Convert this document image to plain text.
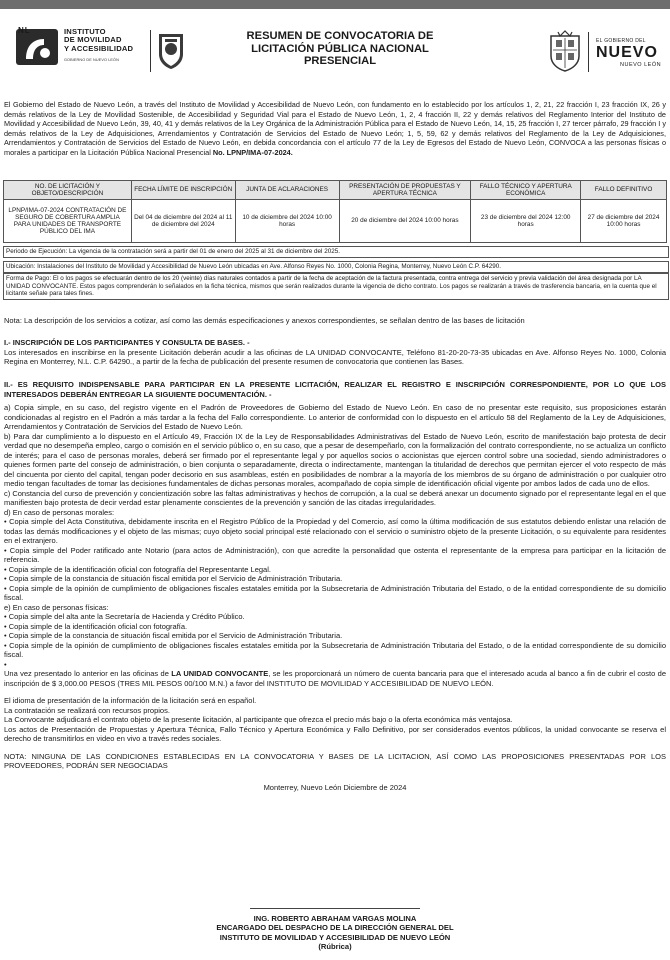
NL	INSTITUTO
DE MOVILIDAD
Y ACCESIBILIDAD
GOBIERNO DE NUEVO LEÓN
RESUMEN DE CONVOCATORIA DE
LICITACIÓN PÚBLICA NACIONAL
PRESENCIAL
EL GOBIERNO DEL
NUEVO
NUEVO LEÓN
El Gobierno del Estado de Nuevo León, a través del Instituto de Movilidad y Accesibilidad de Nuevo León, con fundamento en lo establecido por los artículos 1, 2, 21, 22 fracción I, 23 fracción IX, 26 y demás relativos de la Ley de Movilidad Sostenible, de Accesibilidad y Seguridad Vial para el Estado de Nuevo León, 1, 2, 4 fracción II, 22 y demás relativos del Reglamento Interior del Instituto de Movilidad y Accesibilidad de Nuevo León, 39, 40, 41 y demás relativos de la Ley Orgánica de la Administración Pública para el Estado de Nuevo León, 14, 15, 25 fracción I, 27 tercer párrafo, 29 fracción I y demás relativos de la Ley de Adquisiciones, Arrendamientos y Contratación de Servicios del Estado de Nuevo León; 1, 5, 59, 62 y demás relativos del Reglamento de la Ley de Adquisiciones, Arrendamientos y Contratación de Servicios del Estado de Nuevo León, en debida concordancia con el artículo 77 de la Ley de Egresos del Estado de Nuevo León, CONVOCA a las personas físicas o morales a participar en la Licitación Pública Nacional Presencial No. LPNP/IMA-07-2024.
NO. DE LICITACIÓN Y OBJETO/DESCRIPCIÓN	FECHA LÍMITE DE INSCRIPCIÓN	JUNTA DE ACLARACIONES	PRESENTACIÓN DE PROPUESTAS Y APERTURA TÉCNICA	FALLO TÉCNICO Y APERTURA ECONÓMICA	FALLO DEFINITIVO
LPNP/IMA-07-2024 CONTRATACIÓN DE SEGURO DE COBERTURA AMPLIA PARA UNIDADES DE TRANSPORTE PÚBLICO DEL IMA	Del 04 de diciembre del 2024 al 11 de diciembre del 2024	10 de diciembre del 2024 10:00 horas	20 de diciembre del 2024 10:00 horas	23 de diciembre del 2024 12:00 horas	27 de diciembre del 2024 10:00 horas
Periodo de Ejecución: La vigencia de la contratación será a partir del 01 de enero del 2025 al 31 de diciembre del 2025.
Ubicación: Instalaciones del Instituto de Movilidad y Accesibilidad de Nuevo León ubicadas en Ave. Alfonso Reyes No. 1000, Colonia Regina, Monterrey, Nuevo León C.P. 64290.
Forma de Pago: El o los pagos se efectuarán dentro de los 20 (veinte) días naturales contados a partir de la fecha de aceptación de la factura presentada, contra entrega del servicio y previa validación del área designada por LA UNIDAD CONVOCANTE. Estos pagos comprenderán lo señalados en la ficha técnica, mismos que serán realizados durante la vigencia de dicho contrato. Los pagos se realizarán a través de trasferencia bancaria, en la cuenta que el licitante señale para tales fines.
Nota: La descripción de los servicios a cotizar, así como las demás especificaciones y anexos correspondientes, se señalan dentro de las bases de licitación
I.- INSCRIPCIÓN DE LOS PARTICIPANTES Y CONSULTA DE BASES. -
Los interesados en inscribirse en la presente Licitación deberán acudir a las oficinas de LA UNIDAD CONVOCANTE, Teléfono 81-20-20-73-35 ubicadas en Ave. Alfonso Reyes No. 1000, Colonia Regina en Monterrey, N.L. C.P. 64290., a partir de la fecha de publicación del presente resumen de convocatoria que contienen las Bases.
II.- ES REQUISITO INDISPENSABLE PARA PARTICIPAR EN LA PRESENTE LICITACIÓN, REALIZAR EL REGISTRO E INSCRIPCIÓN CORRESPONDIENTE, POR LO QUE LOS INTERESADOS DEBERÁN ENTREGAR LA SIGUIENTE DOCUMENTACIÓN. -
a) Copia simple, en su caso, del registro vigente en el Padrón de Proveedores de Gobierno del Estado de Nuevo León. En caso de no presentar este requisito, sus proposiciones estarán condicionadas al registro en el Padrón a más tardar a la fecha del Fallo correspondiente. Lo anterior de conformidad con lo dispuesto en el artículo 58 del Reglamento de la Ley de Adquisiciones, Arrendamientos y Contratación de Servicios del Estado de Nuevo León.
b) Para dar cumplimiento a lo dispuesto en el Artículo 49, Fracción IX de la Ley de Responsabilidades Administrativas del Estado de Nuevo León, escrito de manifestación bajo protesta de decir verdad que no desempeña empleo, cargo o comisión en el servicio público o, en su caso, que a pesar de desempeñarlo, con la formalización del contrato correspondiente, no se actualiza un conflicto de interés; para el caso de personas morales, deberá ser firmado por el representante legal y por aquellos socios o accionistas que ejercen control sobre una sociedad, siendo administradores o quienes formen parte del consejo de administración, o bien conjunta o separadamente, directa o indirectamente, mantengan la titularidad de derechos que permitan ejercer el voto respecto de más del cincuenta por ciento del capital, tengan poder decisorio en sus asambleas, estén en posibilidades de nombrar a la mayoría de los miembros de su órgano de administración o por cualquier otro medio tengan facultades de tomar las decisiones fundamentales de dichas personas morales, acompañado de copia simple de identificación oficial vigente por ambos lados de cada uno de ellos.
c) Constancia del curso de prevención y concientización sobre las faltas administrativas y hechos de corrupción, a la cual se deberá anexar un documento signado por el representante legal en el que manifiesten bajo protesta de decir verdad estar plenamente conscientes de la prevención y sanción de las citadas irregularidades.
d) En caso de personas morales:
• Copia simple del Acta Constitutiva, debidamente inscrita en el Registro Público de la Propiedad y del Comercio, así como la última modificación de sus estatutos debiendo enlistar una relación de todas las demás modificaciones y el objeto de las mismas; cuyo objeto social principal esté relacionado con el servicio o suministro objeto de la presente Licitación, o su equivalente para residentes en el extranjero.
• Copia simple del Poder ratificado ante Notario (para actos de Administración), con que acredite la personalidad que ostenta el representante de la empresa para participar en la licitación de referencia.
• Copia simple de la identificación oficial con fotografía del Representante Legal.
• Copia simple de la constancia de situación fiscal emitida por el Servicio de Administración Tributaria.
• Copia simple de la opinión de cumplimiento de obligaciones fiscales estatales emitida por la Subsecretaria de Administración Tributaria del Estado, o de la entidad correspondiente de su domicilio fiscal.
e) En caso de personas físicas:
• Copia simple del alta ante la Secretaría de Hacienda y Crédito Público.
• Copia simple de la identificación oficial con fotografía.
• Copia simple de la constancia de situación fiscal emitida por el Servicio de Administración Tributaria.
• Copia simple de la opinión de cumplimiento de obligaciones fiscales estatales emitida por la Subsecretaria de Administración Tributaria del Estado, o de la entidad correspondiente de su domicilio fiscal.
•
Una vez presentado lo anterior en las oficinas de LA UNIDAD CONVOCANTE, se les proporcionará un número de cuenta bancaria para que el interesado acuda al banco a fin de cubrir el costo de inscripción de $ 3,000.00 PESOS (TRES MIL PESOS 00/100 M.N.) a favor del INSTITUTO DE MOVILIDAD Y ACCESIBILIDAD DE NUEVO LEÓN.
El idioma de presentación de la información de la licitación será en español.
La contratación se realizará con recursos propios.
La Convocante adjudicará el contrato objeto de la presente licitación, al participante que ofrezca el precio más bajo o la oferta económica más ventajosa.
Los actos de Presentación de Propuestas y Apertura Técnica, Fallo Técnico y Apertura Económica y Fallo Definitivo, por ser considerados eventos públicos, la unidad convocante se reserva el derecho de transmitirlos en video en vivo a través redes sociales.
NOTA: NINGUNA DE LAS CONDICIONES ESTABLECIDAS EN LA CONVOCATORIA Y BASES DE LA LICITACION, ASÍ COMO LAS PROPOSICIONES PRESENTADAS POR LOS PROVEEDORES, PODRÁN SER NEGOCIADAS
Monterrey, Nuevo León Diciembre de 2024
ING. ROBERTO ABRAHAM VARGAS MOLINA
ENCARGADO DEL DESPACHO DE LA DIRECCIÓN GENERAL DEL
INSTITUTO DE MOVILIDAD Y ACCESIBILIDAD DE NUEVO LEÓN
(Rúbrica)
